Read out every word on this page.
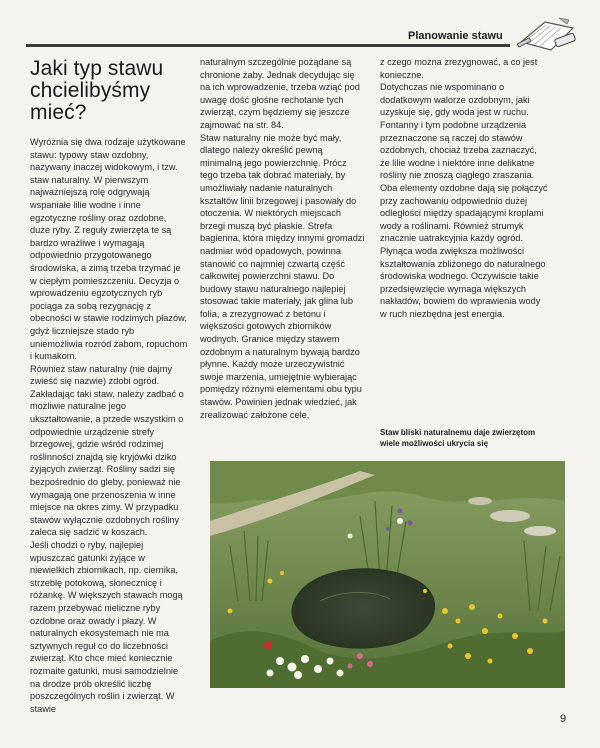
Planowanie stawu
Jaki typ stawu chcielibyśmy mieć?

Wyróżnia się dwa rodzaje użytkowane stawu: typowy staw ozdobny, nazywany inaczej widokowym, i tzw. staw naturalny. W pierwszym najważniejszą rolę odgrywają wspaniałe lilie wodne i inne egzotyczne rośliny oraz ozdobne, duże ryby. Z reguły zwierzęta te są bardzo wrażliwe i wymagają odpowiednio przygotowanego środowiska, a zimą trzeba trzymać je w ciepłym pomieszczeniu. Decyzja o wprowadzeniu egzotycznych ryb pociąga za sobą rezygnację z obecności w stawie rodzimych płazów, gdyż liczniejsze stado ryb uniemożliwia rozród żabom, ropuchom i kumakom.

Również staw naturalny (nie dajmy zwieść się nazwie) zdobi ogród. Zakładając taki staw, należy zadbać o możliwie naturalne jego ukształtowanie, a przede wszystkim o odpowiednie urządzenie strefy brzegowej, gdzie wśród rodzimej roślinności znajdą się kryjówki dziko żyjących zwierząt. Rośliny sadzi się bezpośrednio do gleby, ponieważ nie wymagają one przenoszenia w inne miejsce na okres zimy. W przypadku stawów wyłącznie ozdobnych rośliny zaleca się sadzić w koszach.

Jeśli chodzi o ryby, najlepiej wpuszczać gatunki żyjące w niewielkich zbiornikach, np. ciernika, strzeblę potokową, słonecznicę i różankę. W większych stawach mogą razem przebywać nieliczne ryby ozdobne oraz owady i płazy. W naturalnych ekosystemach nie ma sztywnych reguł co do liczebności zwierząt. Kto chce mieć koniecznie rozmaite gatunki, musi samodzielnie na drodze prób określić liczbę poszczególnych roślin i zwierząt. W stawie

naturalnym szczególnie pożądane są chronione żaby. Jednak decydując się na ich wprowadzenie, trzeba wziąć pod uwagę dość głośne rechotanie tych zwierząt, czym będziemy się jeszcze zajmować na str. 84.

Staw naturalny nie może być mały, dlatego należy określić pewną minimalną jego powierzchnię. Prócz tego trzeba tak dobrać materiały, by umożliwiały nadanie naturalnych kształtów linii brzegowej i pasowały do otoczenia. W niektórych miejscach brzegi muszą być płaskie. Strefa bagienna, która między innymi gromadzi nadmiar wód opadowych, powinna stanowić co najmniej czwartą część całkowitej powierzchni stawu. Do budowy stawu naturalnego najlepiej stosować takie materiały, jak glina lub folia, a zrezygnować z betonu i większości gotowych zbiorników wodnych. Granice między stawem ozdobnym a naturalnym bywają bardzo płynne. Każdy może urzeczywistnić swoje marzenia, umiejętnie wybierając pomiędzy różnymi elementami obu typu stawów. Powinien jednak wiedzieć, jak zrealizować założone cele,

z czego można zrezygnować, a co jest konieczne.

Dotychczas nie wspominano o dodatkowym walorze ozdobnym, jaki uzyskuje się, gdy woda jest w ruchu. Fontanny i tym podobne urządzenia przeznaczone są raczej do stawów ozdobnych, chociaż trzeba zaznaczyć, że lilie wodne i niektóre inne delikatne rośliny nie znoszą ciągłego zraszania. Oba elementy ozdobne dają się połączyć przy zachowaniu odpowiednio dużej odległości między spadającymi kroplami wody a roślinami. Również strumyk znacznie uatrakcyjnia każdy ogród. Płynąca woda zwiększa możliwości kształtowania zbliżonego do naturalnego środowiska wodnego. Oczywiście takie przedsięwzięcie wymaga większych nakładów, bowiem do wprawienia wody w ruch niezbędna jest energia.

Staw bliski naturalnemu daje zwierzętom wiele możliwości ukrycia się
9
